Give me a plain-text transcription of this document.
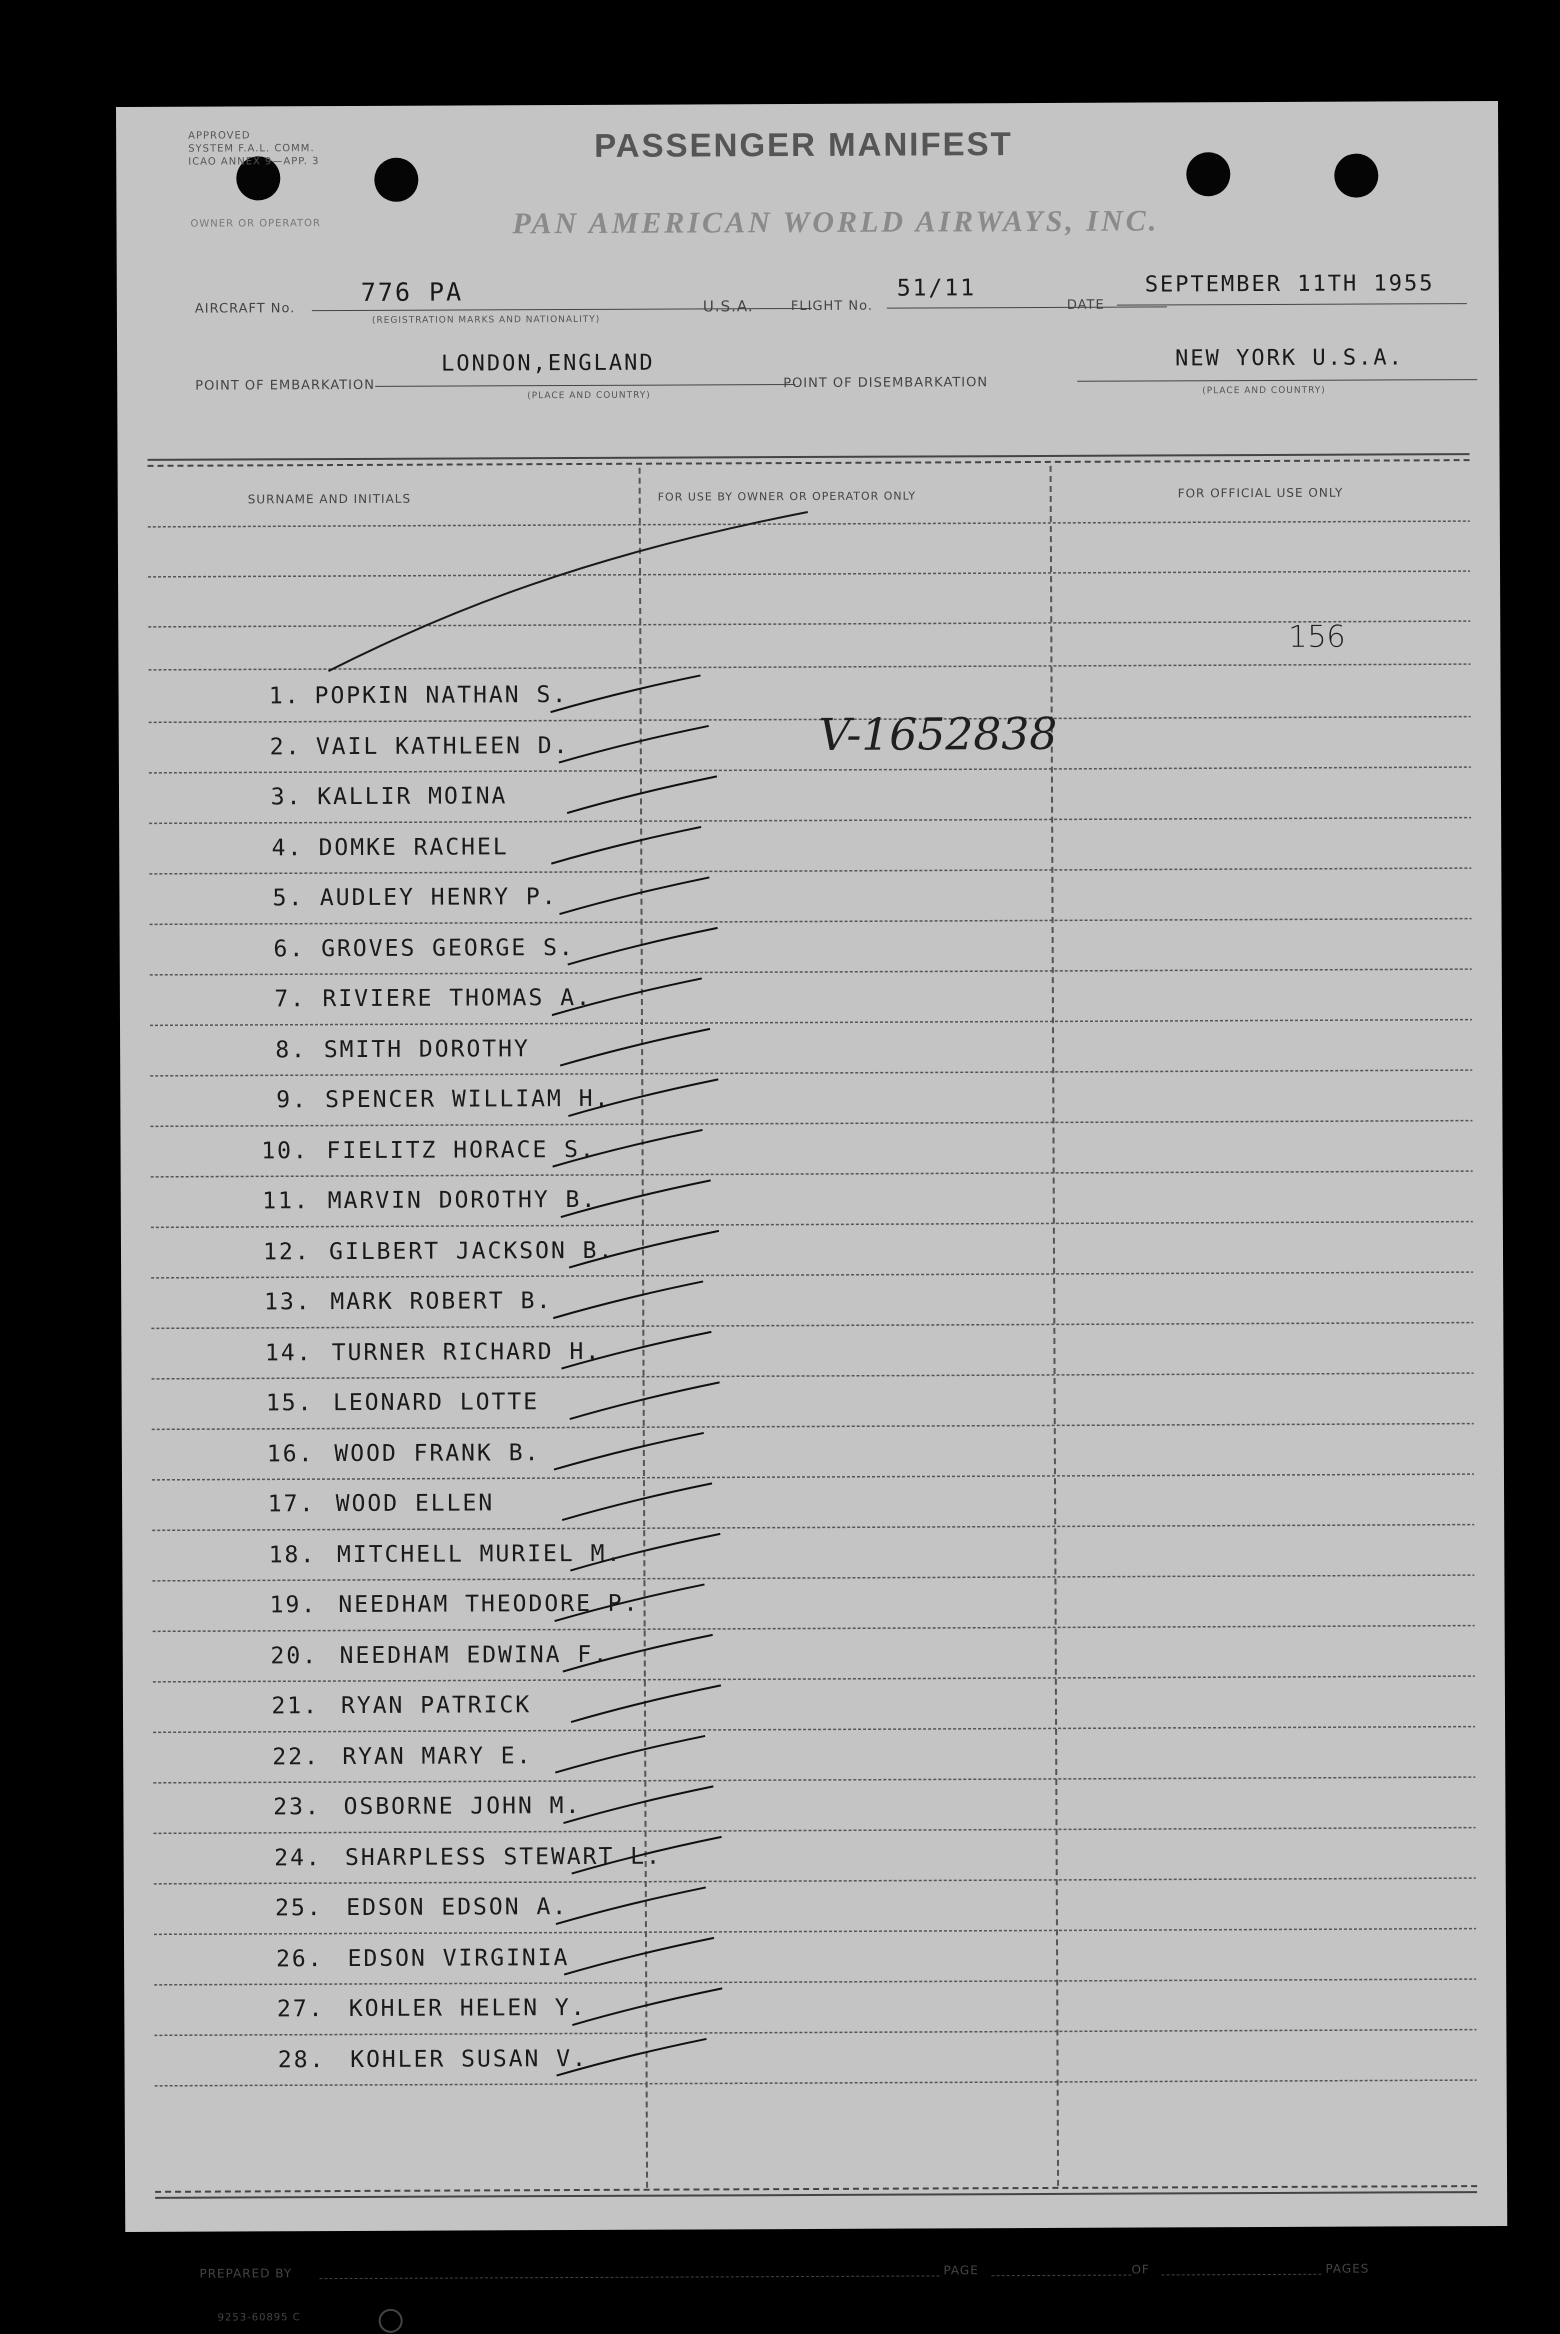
APPROVED
SYSTEM F.A.L. COMM.
ICAO ANNEX 9—APP. 3
OWNER OR OPERATOR
PASSENGER MANIFEST
PAN AMERICAN WORLD AIRWAYS, INC.
AIRCRAFT No.
776 PA
(REGISTRATION MARKS AND NATIONALITY)
U.S.A.	FLIGHT No.
51/11
DATE
SEPTEMBER 11TH 1955
POINT OF EMBARKATION
LONDON,ENGLAND
(PLACE AND COUNTRY)
POINT OF DISEMBARKATION
NEW YORK U.S.A.
(PLACE AND COUNTRY)
SURNAME AND INITIALS	FOR USE BY OWNER OR OPERATOR ONLY	FOR OFFICIAL USE ONLY
156
V-1652838
1. POPKIN NATHAN S.
2. VAIL KATHLEEN D.
3. KALLIR MOINA
4. DOMKE RACHEL
5. AUDLEY HENRY P.
6. GROVES GEORGE S.
7. RIVIERE THOMAS A.
8. SMITH DOROTHY
9. SPENCER WILLIAM H.
10. FIELITZ HORACE S.
11. MARVIN DOROTHY B.
12. GILBERT JACKSON B.
13. MARK ROBERT B.
14. TURNER RICHARD H.
15. LEONARD LOTTE
16. WOOD FRANK B.
17. WOOD ELLEN
18. MITCHELL MURIEL M.
19. NEEDHAM THEODORE P.
20. NEEDHAM EDWINA F.
21. RYAN PATRICK
22. RYAN MARY E.
23. OSBORNE JOHN M.
24. SHARPLESS STEWART L.
25. EDSON EDSON A.
26. EDSON VIRGINIA
27. KOHLER HELEN Y.
28. KOHLER SUSAN V.
PREPARED BY	PAGE	OF	PAGES
9253-60895 C
